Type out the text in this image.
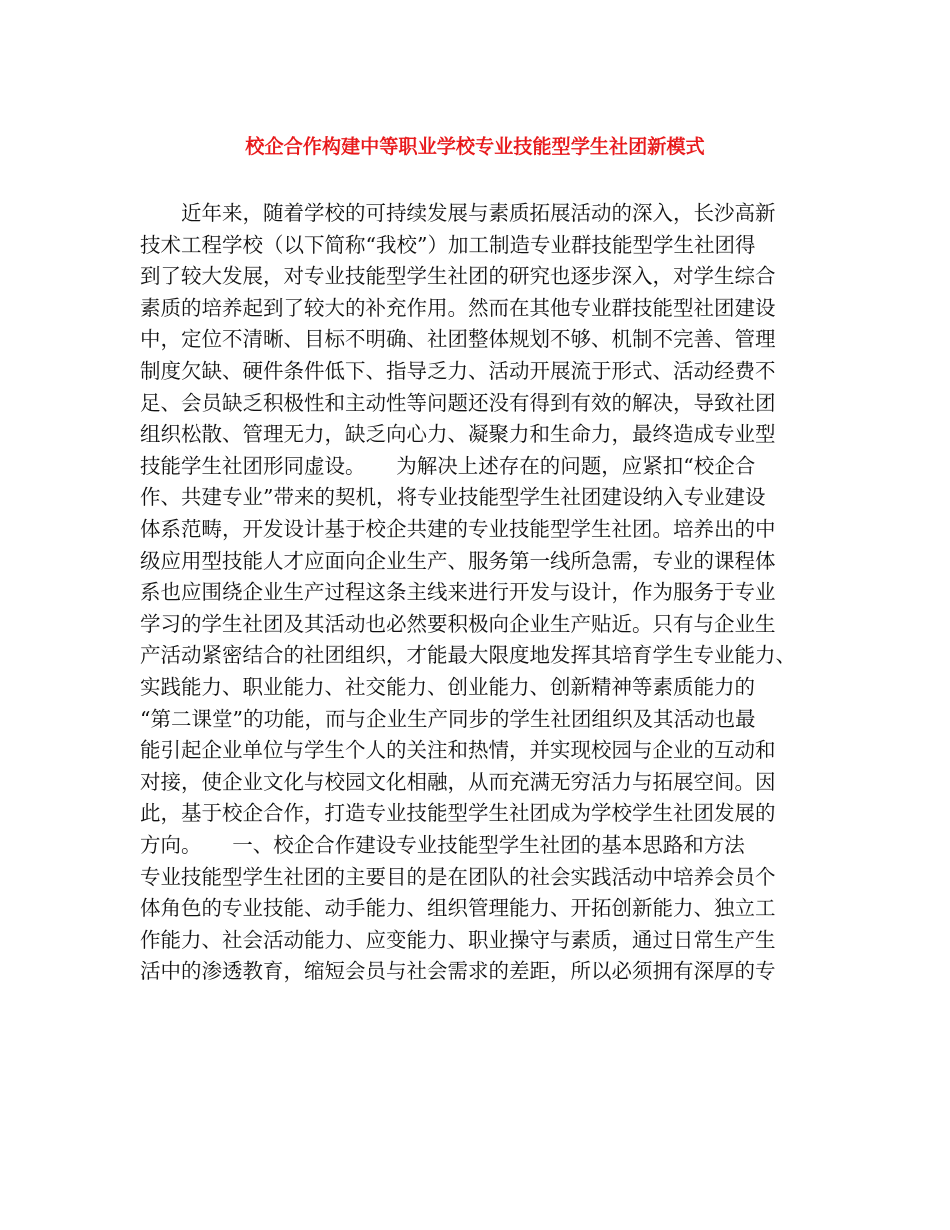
校企合作构建中等职业学校专业技能型学生社团新模式
　　近年来，随着学校的可持续发展与素质拓展活动的深入，长沙高新
技术工程学校（以下简称“我校”）加工制造专业群技能型学生社团得
到了较大发展，对专业技能型学生社团的研究也逐步深入，对学生综合
素质的培养起到了较大的补充作用。然而在其他专业群技能型社团建设
中，定位不清晰、目标不明确、社团整体规划不够、机制不完善、管理
制度欠缺、硬件条件低下、指导乏力、活动开展流于形式、活动经费不
足、会员缺乏积极性和主动性等问题还没有得到有效的解决，导致社团
组织松散、管理无力，缺乏向心力、凝聚力和生命力，最终造成专业型
技能学生社团形同虚设。　　为解决上述存在的问题，应紧扣“校企合
作、共建专业”带来的契机，将专业技能型学生社团建设纳入专业建设
体系范畴，开发设计基于校企共建的专业技能型学生社团。培养出的中
级应用型技能人才应面向企业生产、服务第一线所急需，专业的课程体
系也应围绕企业生产过程这条主线来进行开发与设计，作为服务于专业
学习的学生社团及其活动也必然要积极向企业生产贴近。只有与企业生
产活动紧密结合的社团组织，才能最大限度地发挥其培育学生专业能力、
实践能力、职业能力、社交能力、创业能力、创新精神等素质能力的
“第二课堂”的功能，而与企业生产同步的学生社团组织及其活动也最
能引起企业单位与学生个人的关注和热情，并实现校园与企业的互动和
对接，使企业文化与校园文化相融，从而充满无穷活力与拓展空间。因
此，基于校企合作，打造专业技能型学生社团成为学校学生社团发展的
方向。　　一、校企合作建设专业技能型学生社团的基本思路和方法
专业技能型学生社团的主要目的是在团队的社会实践活动中培养会员个
体角色的专业技能、动手能力、组织管理能力、开拓创新能力、独立工
作能力、社会活动能力、应变能力、职业操守与素质，通过日常生产生
活中的渗透教育，缩短会员与社会需求的差距，所以必须拥有深厚的专
